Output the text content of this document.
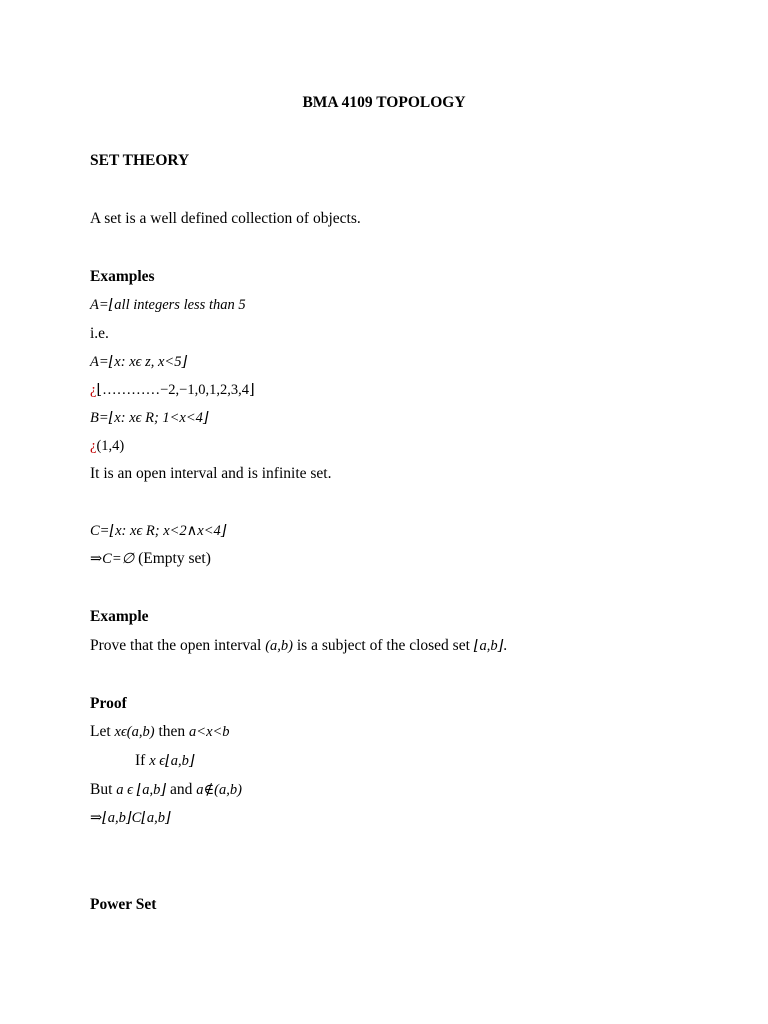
BMA 4109 TOPOLOGY
SET THEORY
A set is a well defined collection of objects.
Examples
A=⌊all integers less than 5
i.e.
A=⌊x: xϵ z, x<5⌋
¿⌊…………−2,−1,0,1,2,3,4⌋
B=⌊x: xϵ R; 1<x<4⌋
¿(1,4)
It is an open interval and is infinite set.
C=⌊x: xϵ R; x<2∧x<4⌋
⇒C=∅ (Empty set)
Example
Prove that the open interval (a,b) is a subject of the closed set ⌊a,b⌋.
Proof
Let xϵ(a,b) then a<x<b
If x ϵ⌊a,b⌋
But a ϵ ⌊a,b⌋ and a∉(a,b)
⇒⌊a,b⌋C⌊a,b⌋
Power Set
